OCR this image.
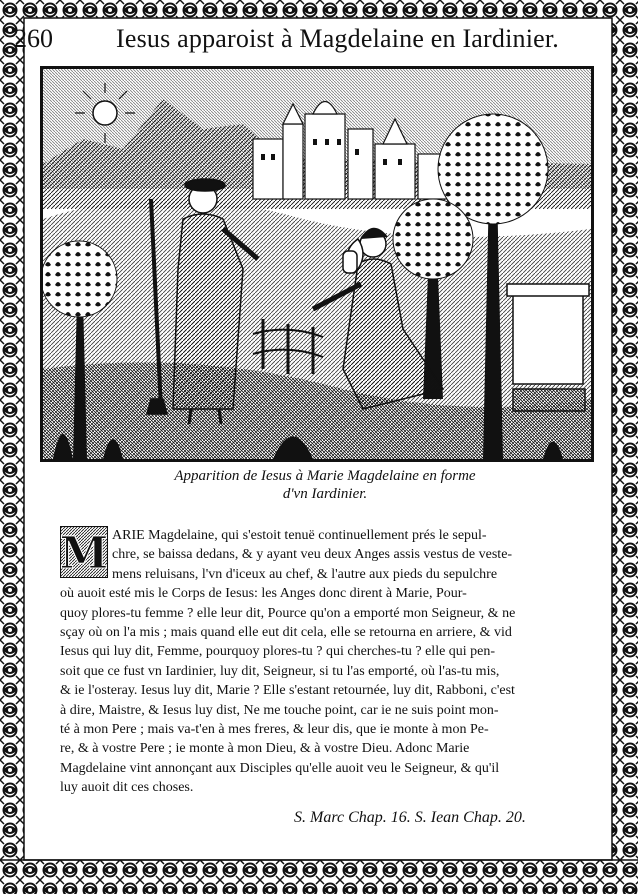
260 Iesus apparoist à Magdelaine en Iardinier.
Apparition de Iesus à Marie Magdelaine en forme
d'vn Iardinier.
M ARIE Magdelaine, qui s'estoit tenuë continuellement prés le sepul-
chre, se baissa dedans, & y ayant veu deux Anges assis vestus de veste-
mens reluisans, l'vn d'iceux au chef, & l'autre aux pieds du sepulchre
où auoit esté mis le Corps de Iesus: les Anges donc dirent à Marie, Pour-
quoy plores-tu femme ? elle leur dit, Pource qu'on a emporté mon Seigneur, & ne
sçay où on l'a mis ; mais quand elle eut dit cela, elle se retourna en arriere, & vid
Iesus qui luy dit, Femme, pourquoy plores-tu ? qui cherches-tu ? elle qui pen-
soit que ce fust vn Iardinier, luy dit, Seigneur, si tu l'as emporté, où l'as-tu mis,
& ie l'osteray. Iesus luy dit, Marie ? Elle s'estant retournée, luy dit, Rabboni, c'est
à dire, Maistre, & Iesus luy dist, Ne me touche point, car ie ne suis point mon-
té à mon Pere ; mais va-t'en à mes freres, & leur dis, que ie monte à mon Pe-
re, & à vostre Pere ; ie monte à mon Dieu, & à vostre Dieu. Adonc Marie
Magdelaine vint annonçant aux Disciples qu'elle auoit veu le Seigneur, & qu'il
luy auoit dit ces choses.
S. Marc Chap. 16. S. Iean Chap. 20.
